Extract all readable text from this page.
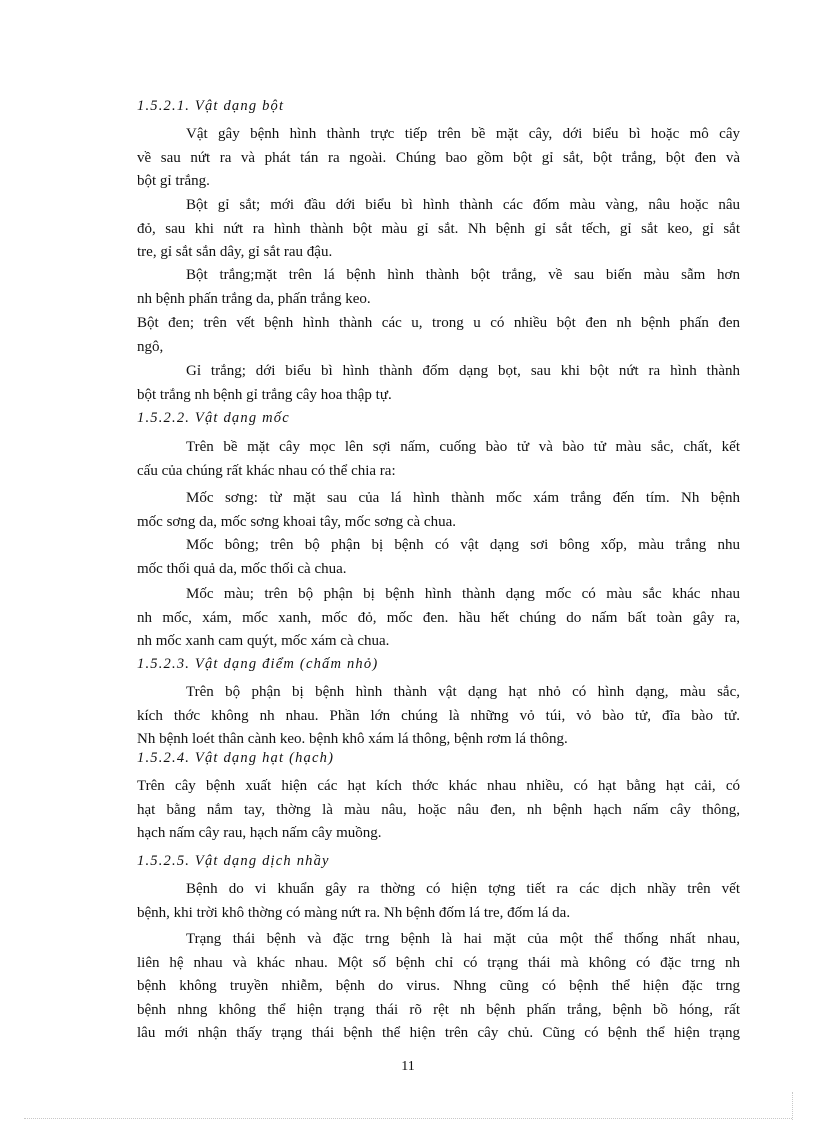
1.5.2.1. Vật dạng bột
Vật gây bệnh hình thành trực tiếp trên bề mặt cây, dới biểu bì hoặc mô cây
về sau nứt ra và phát tán ra ngoài. Chúng bao gồm bột gỉ sắt, bột trắng, bột đen và
bột gỉ trắng.
Bột gỉ sắt; mới đầu dới biểu bì hình thành các đốm màu vàng, nâu hoặc nâu
đỏ, sau khi nứt ra hình thành bột màu gỉ sắt. Nh bệnh gỉ sắt tếch, gỉ sắt keo, gỉ sắt
tre, gỉ sắt sắn dây, gỉ sắt rau đậu.
Bột trắng;mặt trên lá bệnh hình thành bột trắng, về sau biến màu sẫm hơn
nh bệnh phấn trắng da, phấn trắng keo.
Bột đen; trên vết bệnh hình thành các u, trong u có nhiều bột đen nh bệnh phấn đen
ngô,
Gỉ trắng; dới biểu bì hình thành đốm dạng bọt, sau khi bột nứt ra hình thành
bột trắng nh bệnh gỉ trắng cây hoa thập tự.
1.5.2.2. Vật dạng mốc
Trên bề mặt cây mọc lên sợi nấm, cuống bào tử và bào tử màu sắc, chất, kết
cấu của chúng rất khác nhau có thể chia ra:
Mốc sơng: từ mặt sau của lá hình thành mốc xám trắng đến tím. Nh bệnh
mốc sơng da, mốc sơng khoai tây, mốc sơng cà chua.
Mốc bông; trên bộ phận bị bệnh có vật dạng sơi bông xốp, màu trắng nhu
mốc thối quả da, mốc thối cà chua.
Mốc màu; trên bộ phận bị bệnh hình thành dạng mốc có màu sắc khác nhau
nh mốc, xám, mốc xanh, mốc đỏ, mốc đen. hầu hết chúng do nấm bất toàn gây ra,
nh mốc xanh cam quýt, mốc xám cà chua.
1.5.2.3. Vật dạng điểm (chấm nhỏ)
Trên bộ phận bị bệnh hình thành vật dạng hạt nhỏ có hình dạng, màu sắc,
kích thớc không nh nhau. Phần lớn chúng là những vỏ túi, vỏ bào tử, đĩa bào tử.
Nh bệnh loét thân cành keo. bệnh khô xám lá thông, bệnh rơm lá thông.
1.5.2.4. Vật dạng hạt (hạch)
Trên cây bệnh xuất hiện các hạt kích thớc khác nhau nhiều, có hạt bằng hạt cải, có
hạt bằng nắm tay, thờng là màu nâu, hoặc nâu đen, nh bệnh hạch nấm cây thông,
hạch nấm cây rau, hạch nấm cây muồng.
1.5.2.5. Vật dạng dịch nhầy
Bệnh do vi khuẩn gây ra thờng có hiện tợng tiết ra các dịch nhầy trên vết
bệnh, khi trời khô thờng có màng nứt ra. Nh bệnh đốm lá tre, đốm lá da.
Trạng thái bệnh và đặc trng bệnh là hai mặt của một thể thống nhất nhau,
liên hệ nhau và khác nhau. Một số bệnh chỉ có trạng thái mà không có đặc trng nh
bệnh không truyền nhiễm, bệnh do virus. Nhng cũng có bệnh thể hiện đặc trng
bệnh nhng không thể hiện trạng thái rõ rệt nh bệnh phấn trắng, bệnh bồ hóng, rất
lâu mới nhận thấy trạng thái bệnh thể hiện trên cây chủ. Cũng có bệnh thể hiện trạng
11
